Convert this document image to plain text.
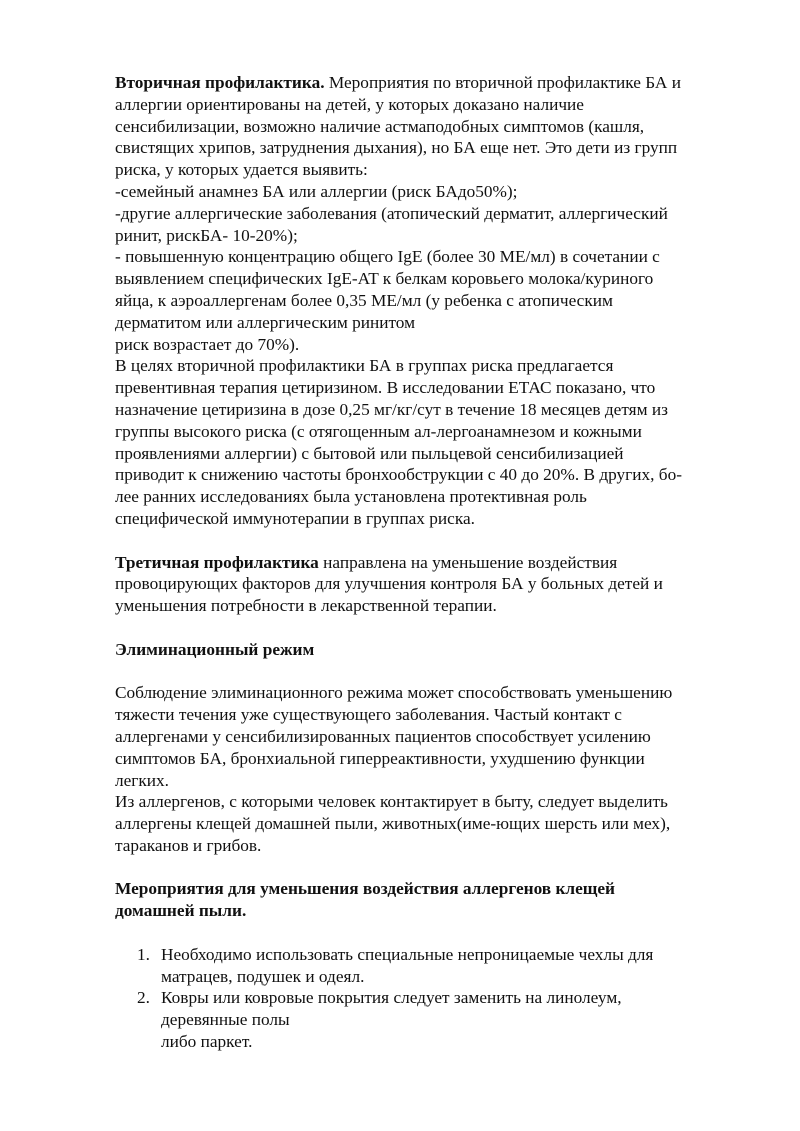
Вторичная профилактика. Мероприятия по вторичной профилактике БА и
аллергии ориентированы на детей, у которых доказано наличие
сенсибилизации, возможно наличие астмаподобных симптомов (кашля,
свистящих хрипов, затруднения дыхания), но БА еще нет. Это дети из групп
риска, у которых удается выявить:
-семейный анамнез БА или аллергии (риск БАдо50%);
-другие аллергические заболевания (атопический дерматит, аллергический
ринит, рискБА- 10-20%);
- повышенную концентрацию общего IgE (более 30 МЕ/мл) в сочетании с
выявлением специфических IgE-AT к белкам коровьего молока/куриного
яйца, к аэроаллергенам более 0,35 МЕ/мл (у ребенка с атопическим
дерматитом или аллергическим ринитом
риск возрастает до 70%).
В целях вторичной профилактики БА в группах риска предлагается
превентивная терапия цетиризином. В исследовании ЕТАС показано, что
назначение цетиризина в дозе 0,25 мг/кг/сут в течение 18 месяцев детям из
группы высокого риска (с отягощенным ал-лергоанамнезом и кожными
проявлениями аллергии) с бытовой или пыльцевой сенсибилизацией
приводит к снижению частоты бронхообструкции с 40 до 20%. В других, бо-
лее ранних исследованиях была установлена протективная роль
специфической иммунотерапии в группах риска.
Третичная профилактика направлена на уменьшение воздействия
провоцирующих факторов для улучшения контроля БА у больных детей и
уменьшения потребности в лекарственной терапии.
Элиминационный режим
Соблюдение элиминационного режима может способствовать уменьшению
тяжести течения уже существующего заболевания. Частый контакт с
аллергенами у сенсибилизированных пациентов способствует усилению
симптомов БА, бронхиальной гиперреактивности, ухудшению функции
легких.
Из аллергенов, с которыми человек контактирует в быту, следует выделить
аллергены клещей домашней пыли, животных(име-ющих шерсть или мех),
тараканов и грибов.
Мероприятия для уменьшения воздействия аллергенов клещей
домашней пыли.
1. Необходимо использовать специальные непроницаемые чехлы для
матрацев, подушек и одеял.
2. Ковры или ковровые покрытия следует заменить на линолеум,
деревянные полы
либо паркет.
